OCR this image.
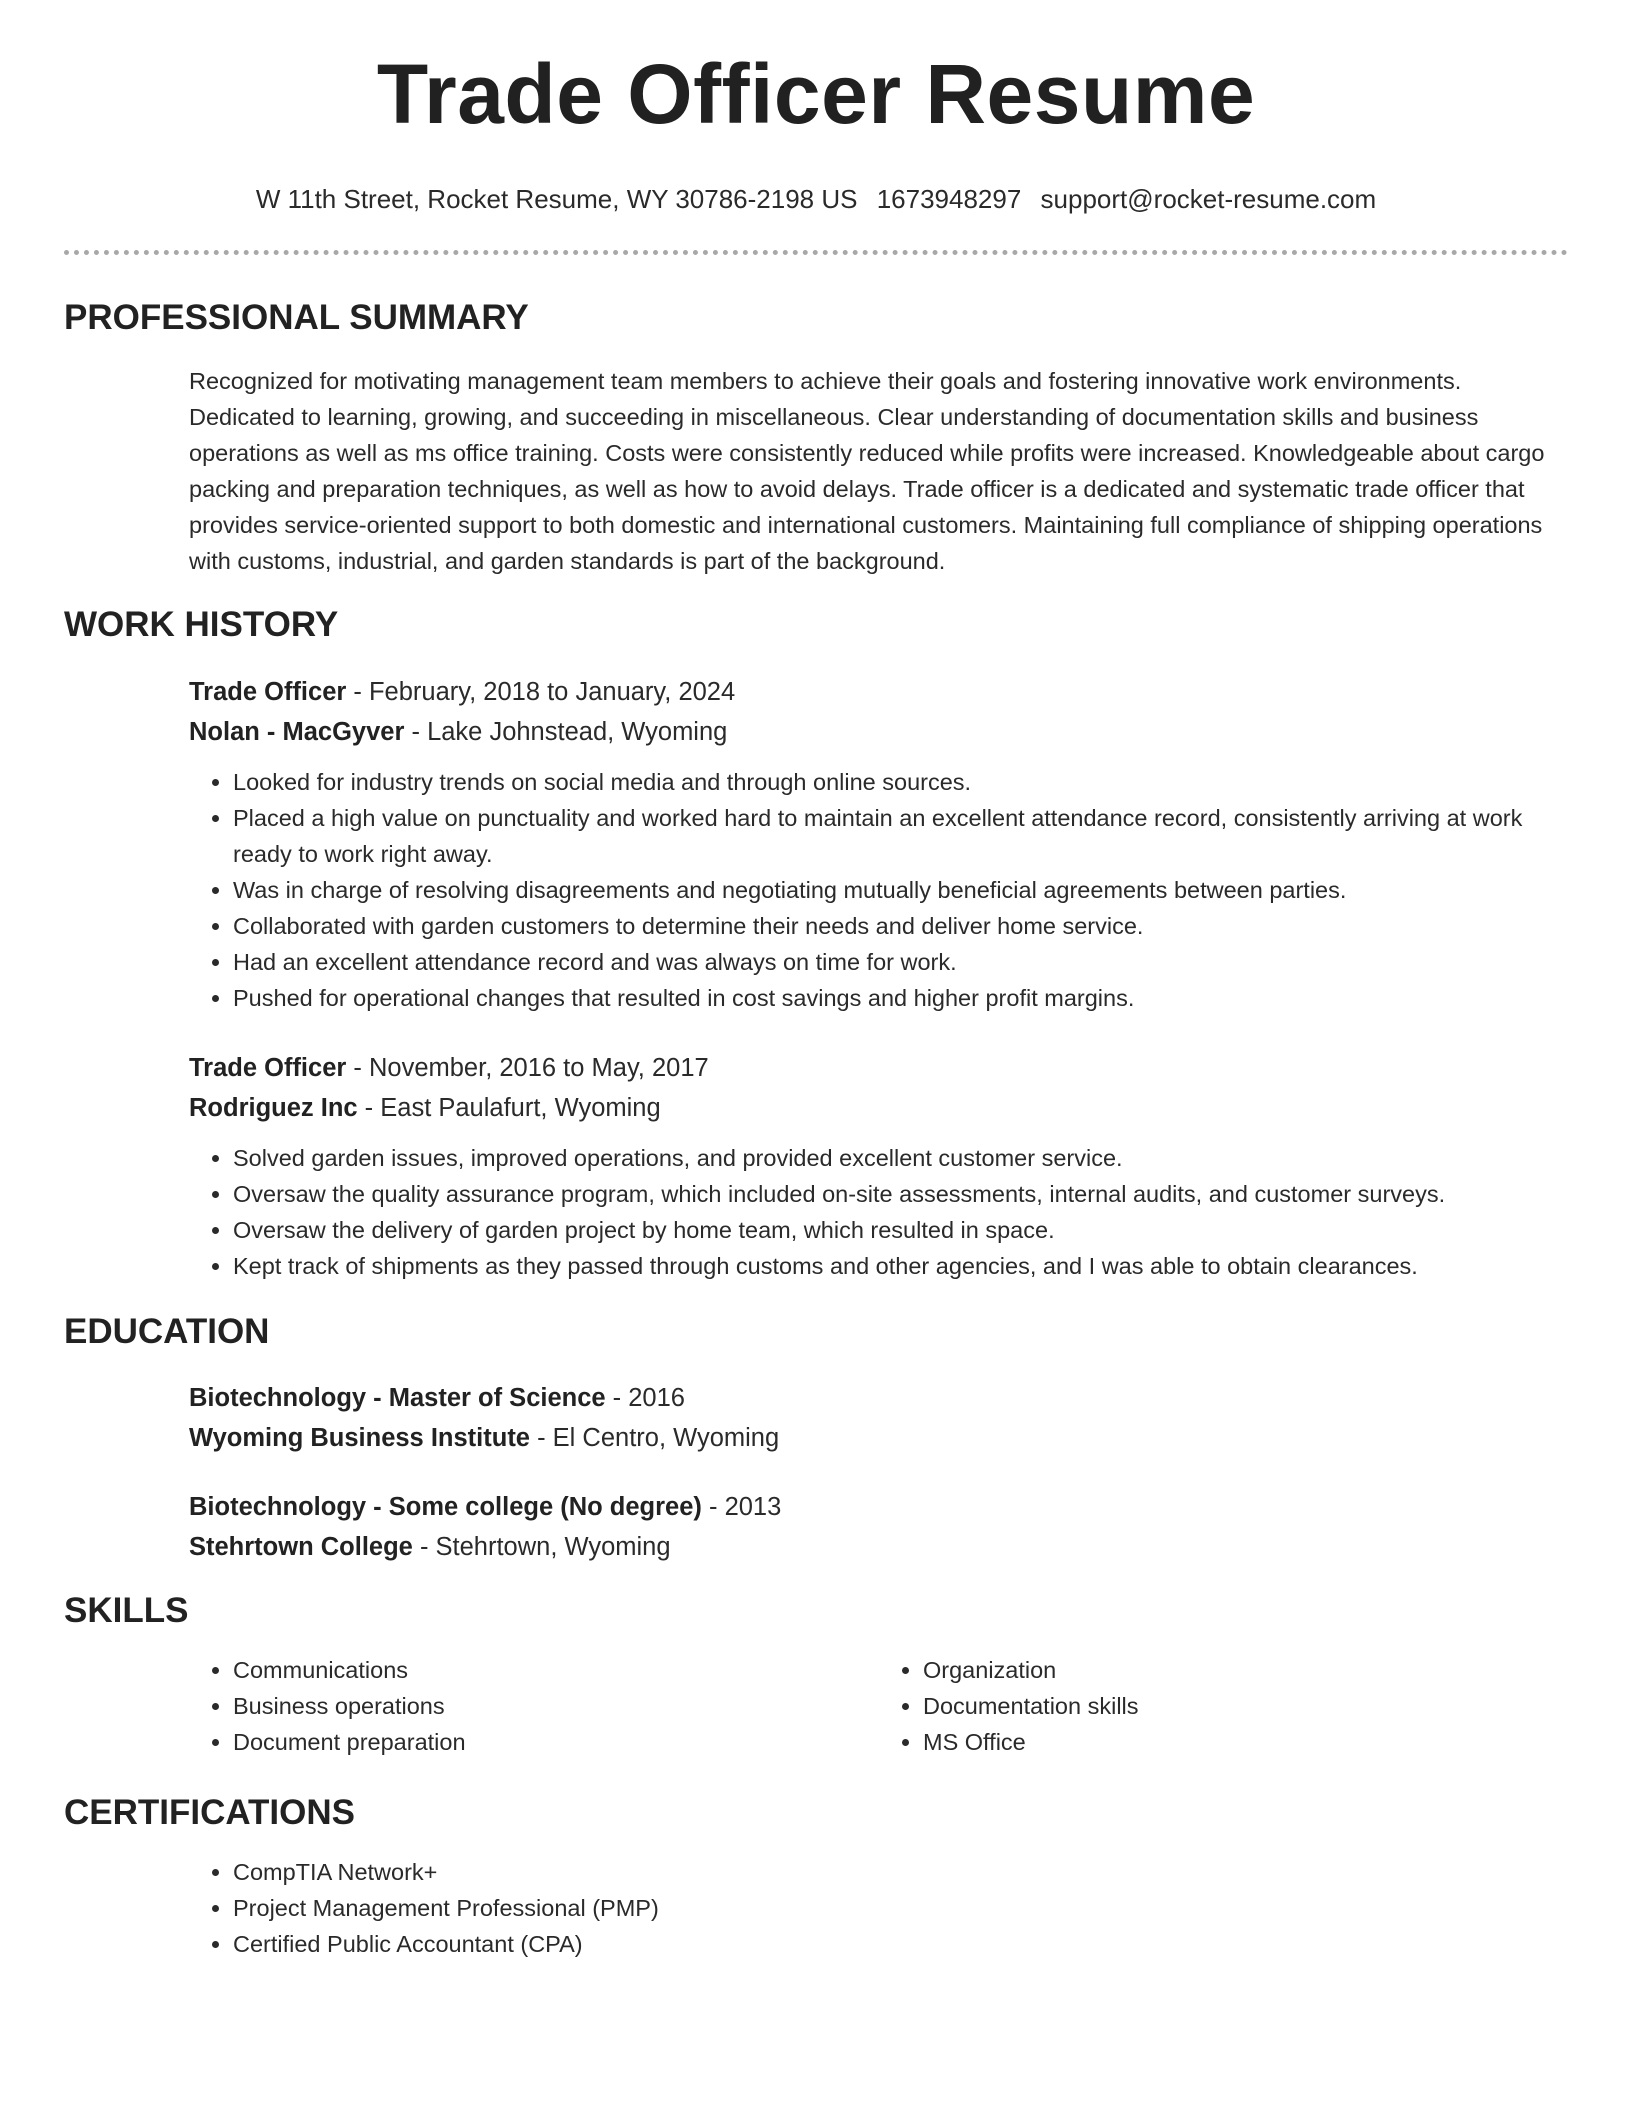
Trade Officer Resume
W 11th Street, Rocket Resume, WY 30786-2198 US 1673948297 support@rocket-resume.com
PROFESSIONAL SUMMARY

Recognized for motivating management team members to achieve their goals and fostering innovative work environments. Dedicated to learning, growing, and succeeding in miscellaneous. Clear understanding of documentation skills and business operations as well as ms office training. Costs were consistently reduced while profits were increased. Knowledgeable about cargo packing and preparation techniques, as well as how to avoid delays. Trade officer is a dedicated and systematic trade officer that provides service-oriented support to both domestic and international customers. Maintaining full compliance of shipping operations with customs, industrial, and garden standards is part of the background.

WORK HISTORY

Trade Officer - February, 2018 to January, 2024

Nolan - MacGyver - Lake Johnstead, Wyoming

• Looked for industry trends on social media and through online sources.
• Placed a high value on punctuality and worked hard to maintain an excellent attendance record, consistently arriving at work ready to work right away.
• Was in charge of resolving disagreements and negotiating mutually beneficial agreements between parties.
• Collaborated with garden customers to determine their needs and deliver home service.
• Had an excellent attendance record and was always on time for work.
• Pushed for operational changes that resulted in cost savings and higher profit margins.

Trade Officer - November, 2016 to May, 2017

Rodriguez Inc - East Paulafurt, Wyoming

• Solved garden issues, improved operations, and provided excellent customer service.
• Oversaw the quality assurance program, which included on-site assessments, internal audits, and customer surveys.
• Oversaw the delivery of garden project by home team, which resulted in space.
• Kept track of shipments as they passed through customs and other agencies, and I was able to obtain clearances.
EDUCATION

Biotechnology - Master of Science - 2016

Wyoming Business Institute - El Centro, Wyoming

Biotechnology - Some college (No degree) - 2013

Stehrtown College - Stehrtown, Wyoming

SKILLS
• Communications
• Business operations
• Document preparation
• Organization
• Documentation skills
• MS Office
CERTIFICATIONS
• CompTIA Network+
• Project Management Professional (PMP)
• Certified Public Accountant (CPA)
